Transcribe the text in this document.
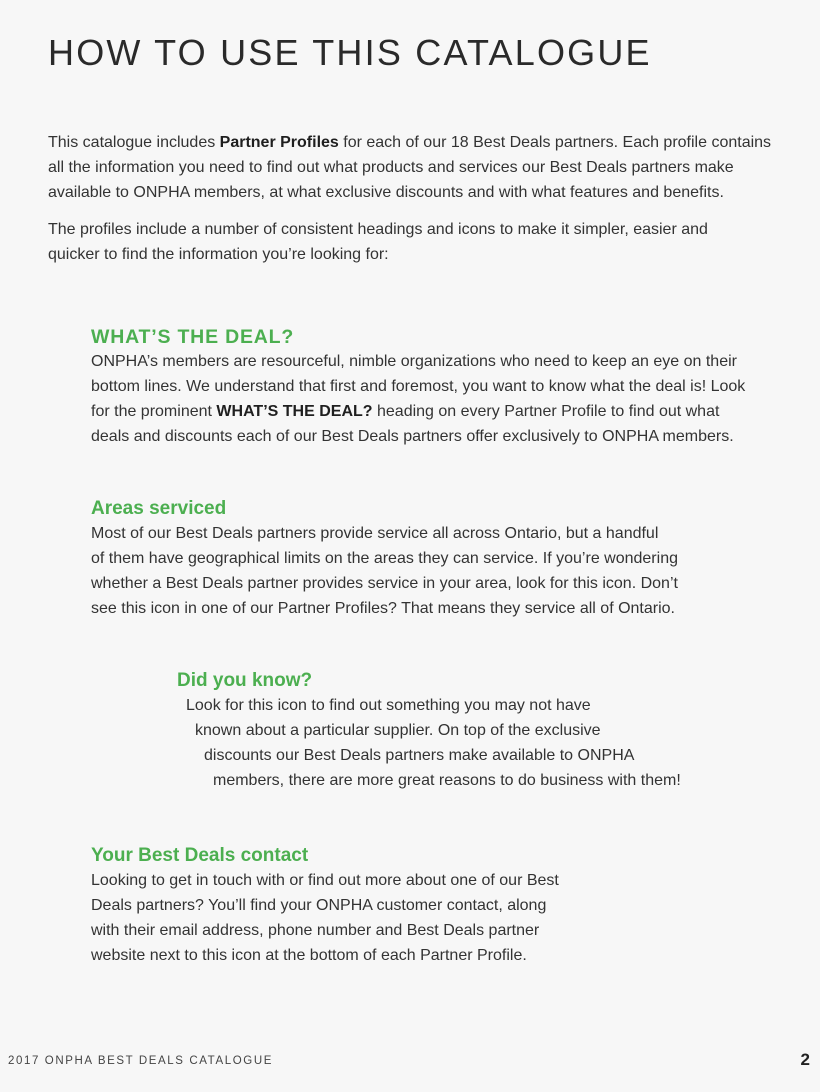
HOW TO USE THIS CATALOGUE

This catalogue includes Partner Profiles for each of our 18 Best Deals partners. Each profile contains
all the information you need to find out what products and services our Best Deals partners make
available to ONPHA members, at what exclusive discounts and with what features and benefits.

The profiles include a number of consistent headings and icons to make it simpler, easier and
quicker to find the information you’re looking for:

WHAT’S THE DEAL?
ONPHA’s members are resourceful, nimble organizations who need to keep an eye on their
bottom lines. We understand that first and foremost, you want to know what the deal is! Look
for the prominent WHAT’S THE DEAL? heading on every Partner Profile to find out what
deals and discounts each of our Best Deals partners offer exclusively to ONPHA members.
Areas serviced
Most of our Best Deals partners provide service all across Ontario, but a handful
of them have geographical limits on the areas they can service. If you’re wondering
whether a Best Deals partner provides service in your area, look for this icon. Don’t
see this icon in one of our Partner Profiles? That means they service all of Ontario.
Did you know?
Look for this icon to find out something you may not have
known about a particular supplier. On top of the exclusive
discounts our Best Deals partners make available to ONPHA
members, there are more great reasons to do business with them!
Your Best Deals contact
Looking to get in touch with or find out more about one of our Best
Deals partners? You’ll find your ONPHA customer contact, along
with their email address, phone number and Best Deals partner
website next to this icon at the bottom of each Partner Profile.
2017 ONPHA BEST DEALS CATALOGUE	2
